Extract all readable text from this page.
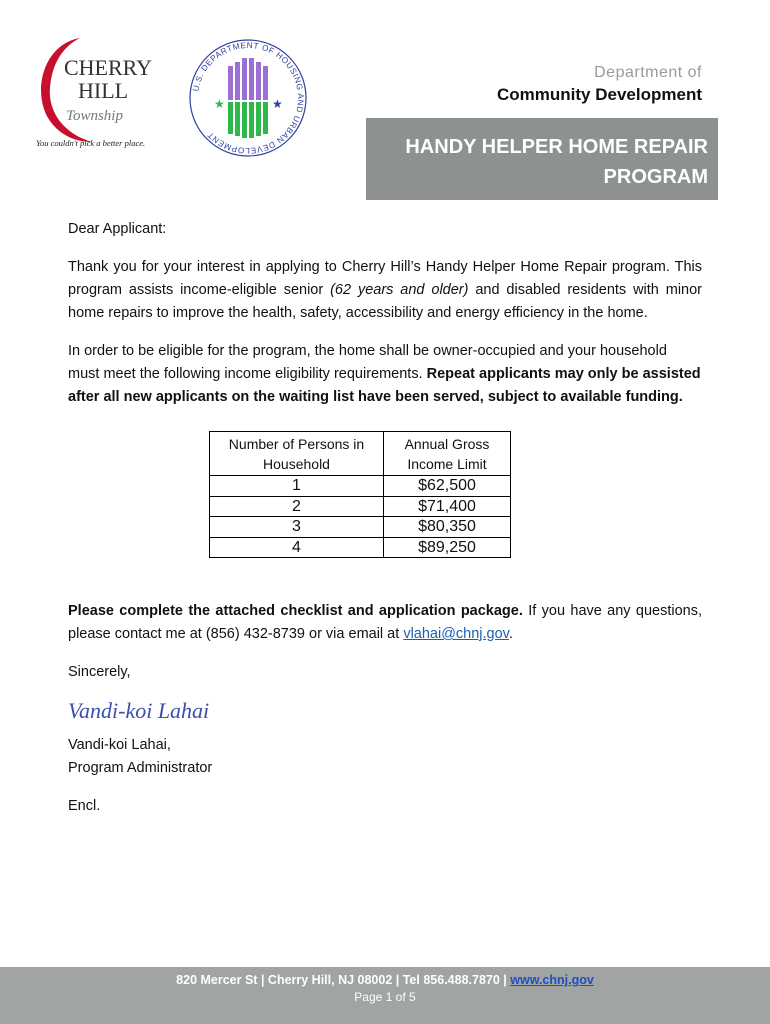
CHERRY
HILL
Township
You couldn't pick a better place.
U.S. DEPARTMENT OF HOUSING AND URBAN DEVELOPMENT
★	★
Department of
Community Development
HANDY HELPER HOME REPAIR
PROGRAM

Dear Applicant:

Thank you for your interest in applying to Cherry Hill’s Handy Helper Home Repair program. This program assists income-eligible senior (62 years and older) and disabled residents with minor home repairs to improve the health, safety, accessibility and energy efficiency in the home.

In order to be eligible for the program, the home shall be owner-occupied and your household must meet the following income eligibility requirements. Repeat applicants may only be assisted after all new applicants on the waiting list have been served, subject to available funding.

Number of Persons in Household	Annual Gross Income Limit
1	$62,500
2	$71,400
3	$80,350
4	$89,250

Please complete the attached checklist and application package. If you have any questions, please contact me at (856) 432-8739 or via email at vlahai@chnj.gov.

Sincerely,

Vandi-koi Lahai

Vandi-koi Lahai,
Program Administrator

Encl.

820 Mercer St | Cherry Hill, NJ 08002 | Tel 856.488.7870 | www.chnj.gov
Page 1 of 5
